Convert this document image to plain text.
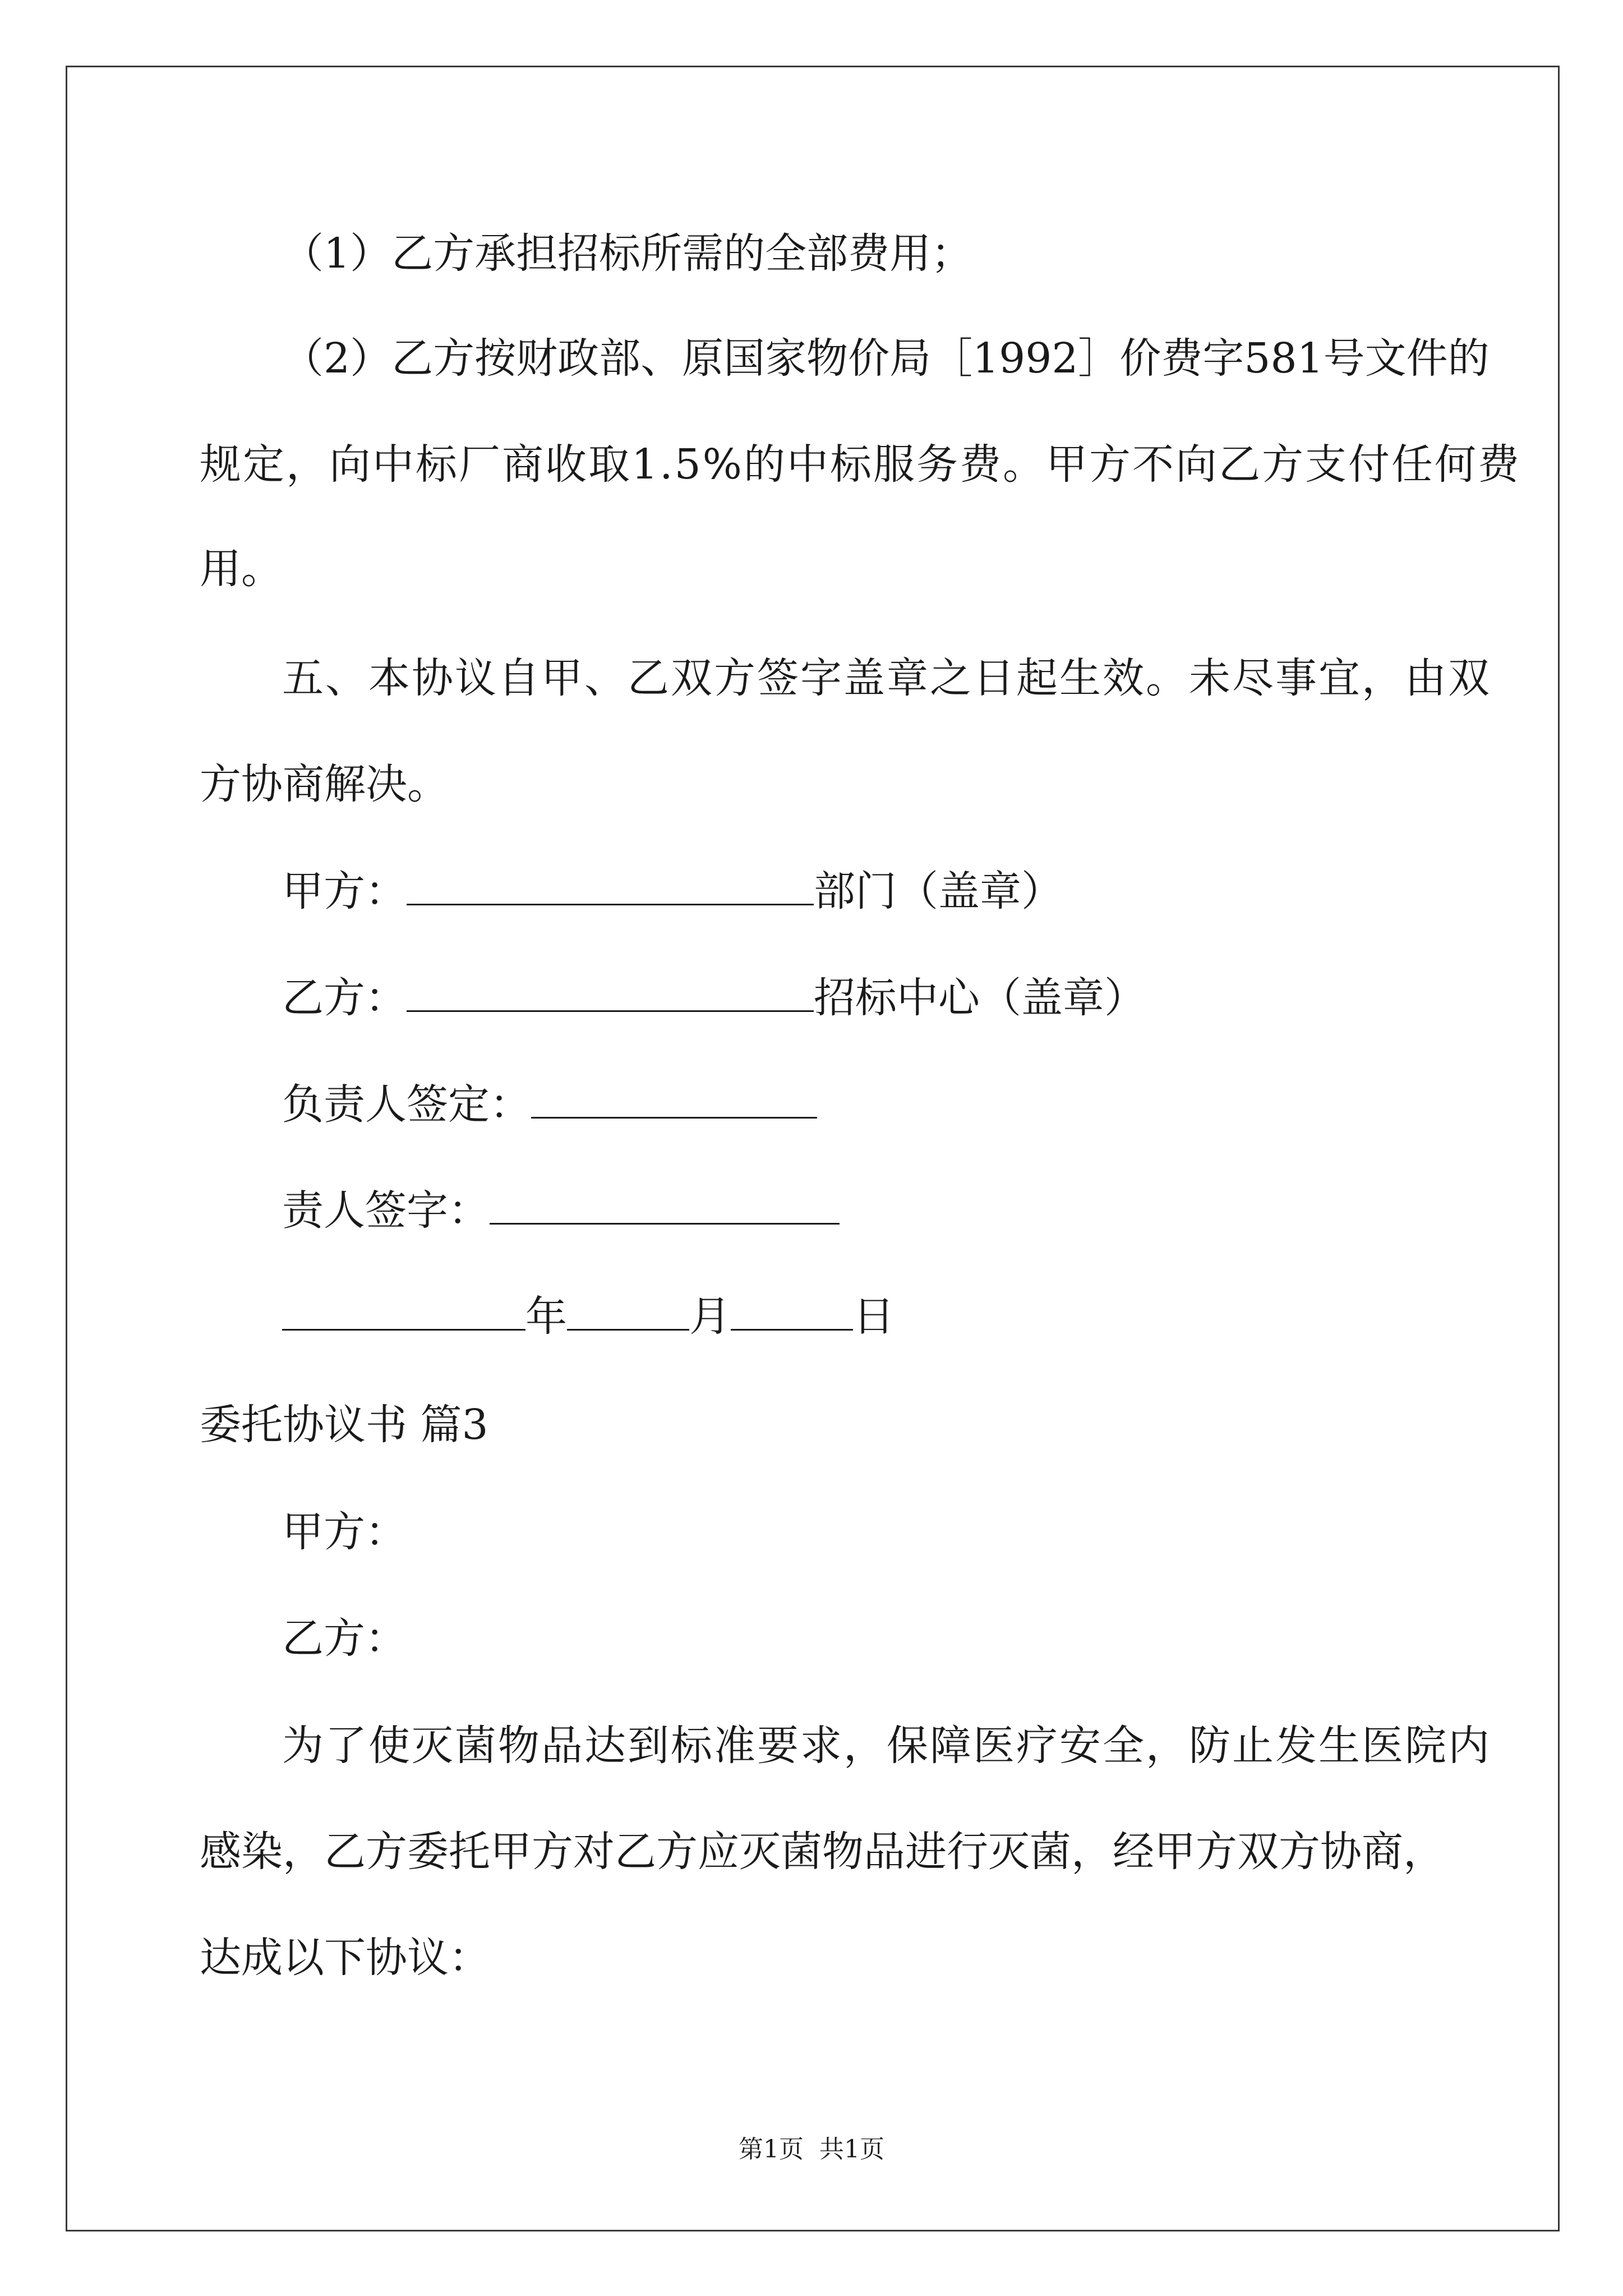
（1）乙方承担招标所需的全部费用；
（2）乙方按财政部、原国家物价局［1992］价费字581号文件的
规定，向中标厂商收取1.5%的中标服务费。甲方不向乙方支付任何费
用。
五、本协议自甲、乙双方签字盖章之日起生效。未尽事宜，由双
方协商解决。
甲方：	部门（盖章）
乙方：	招标中心（盖章）
负责人签定：
责人签字：
年	月	日
委托协议书 篇3
甲方：
乙方：
为了使灭菌物品达到标准要求，保障医疗安全，防止发生医院内
感染，乙方委托甲方对乙方应灭菌物品进行灭菌，经甲方双方协商，
达成以下协议：
第1页 共1页
